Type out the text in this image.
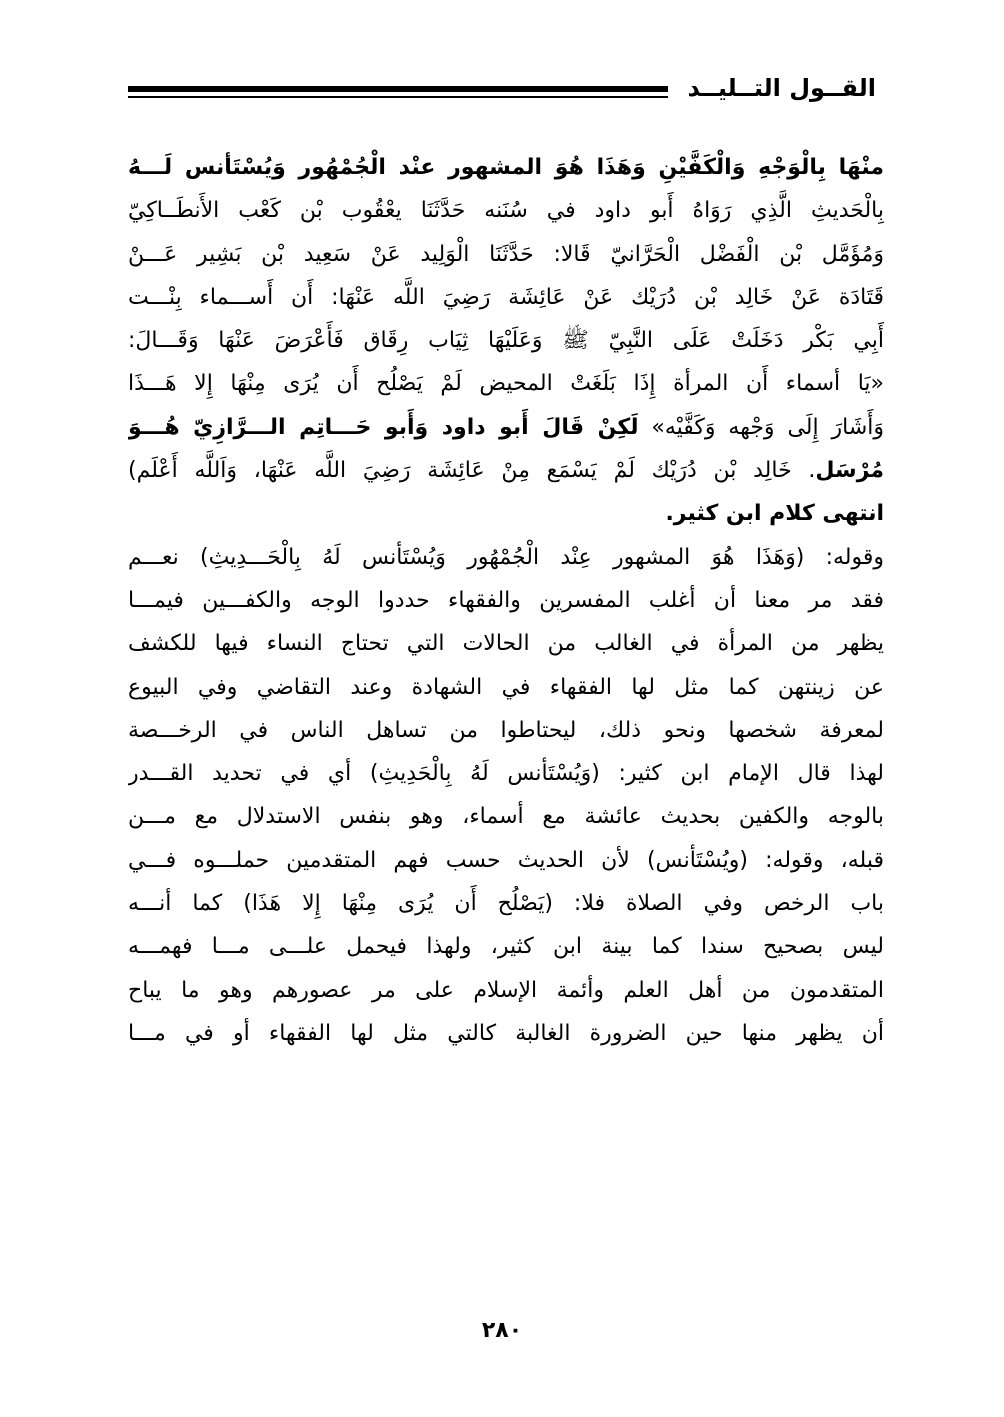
القــول التــليــد
منْهَا بِالْوَجْهِ وَالْكَفَّيْنِ وَهَذَا هُوَ المشهور عنْد الْجُمْهُور وَيُسْتَأنس لَـــهُ
بِالْحَديثِ الَّذِي رَوَاهُ أَبو داود في سُنَنه حَدَّثَنَا يعْقُوب بْن كَعْب الأَنطَــاكِيّ
وَمُؤَمَّل بْن الْفَضْل الْحَرَّانيّ قَالا: حَدَّثَنَا الْوَلِيد عَنْ سَعِيد بْن بَشِير عَـــنْ
قَتَادَة عَنْ خَالِد بْن دُرَيْك عَنْ عَائِشَة رَضِيَ اللَّه عَنْهَا: أَن أَســـماء بِنْـــت
أَبِي بَكْر دَخَلَتْ عَلَى النَّبِيّ ﷺ وَعَلَيْهَا ثِيَاب رِقَاق فَأَعْرَضَ عَنْهَا وَقَـــالَ:
«يَا أسماء أَن المرأة إِذَا بَلَغَتْ المحيض لَمْ يَصْلُح أَن يُرَى مِنْهَا إِلا هَـــذَا
وَأَشَارَ إِلَى وَجْهه وَكَفَّيْه» لَكِنْ قَالَ أَبو داود وَأَبو حَـــاتِم الـــرَّازِيّ هُـــوَ
مُرْسَل. خَالِد بْن دُرَيْك لَمْ يَسْمَع مِنْ عَائِشَة رَضِيَ اللَّه عَنْهَا، وَاَللَّه أَعْلَم)
انتهى كلام ابن كثير.
وقوله: (وَهَذَا هُوَ المشهور عِنْد الْجُمْهُور وَيُسْتَأنس لَهُ بِالْحَـــدِيثِ) نعـــم
فقد مر معنا أن أغلب المفسرين والفقهاء حددوا الوجه والكفـــين فيمـــا
يظهر من المرأة في الغالب من الحالات التي تحتاج النساء فيها للكشف
عن زينتهن كما مثل لها الفقهاء في الشهادة وعند التقاضي وفي البيوع
لمعرفة شخصها ونحو ذلك، ليحتاطوا من تساهل الناس في الرخـــصة
لهذا قال الإمام ابن كثير: (وَيُسْتَأنس لَهُ بِالْحَدِيثِ) أي في تحديد القـــدر
بالوجه والكفين بحديث عائشة مع أسماء، وهو بنفس الاستدلال مع مـــن
قبله، وقوله: (ويُسْتَأنس) لأن الحديث حسب فهم المتقدمين حملـــوه فـــي
باب الرخص وفي الصلاة فلا: (يَصْلُح أَن يُرَى مِنْهَا إِلا هَذَا) كما أنـــه
ليس بصحيح سندا كما بينة ابن كثير، ولهذا فيحمل علـــى مـــا فهمـــه
المتقدمون من أهل العلم وأئمة الإسلام على مر عصورهم وهو ما يباح
أن يظهر منها حين الضرورة الغالبة كالتي مثل لها الفقهاء أو في مـــا
٢٨٠
